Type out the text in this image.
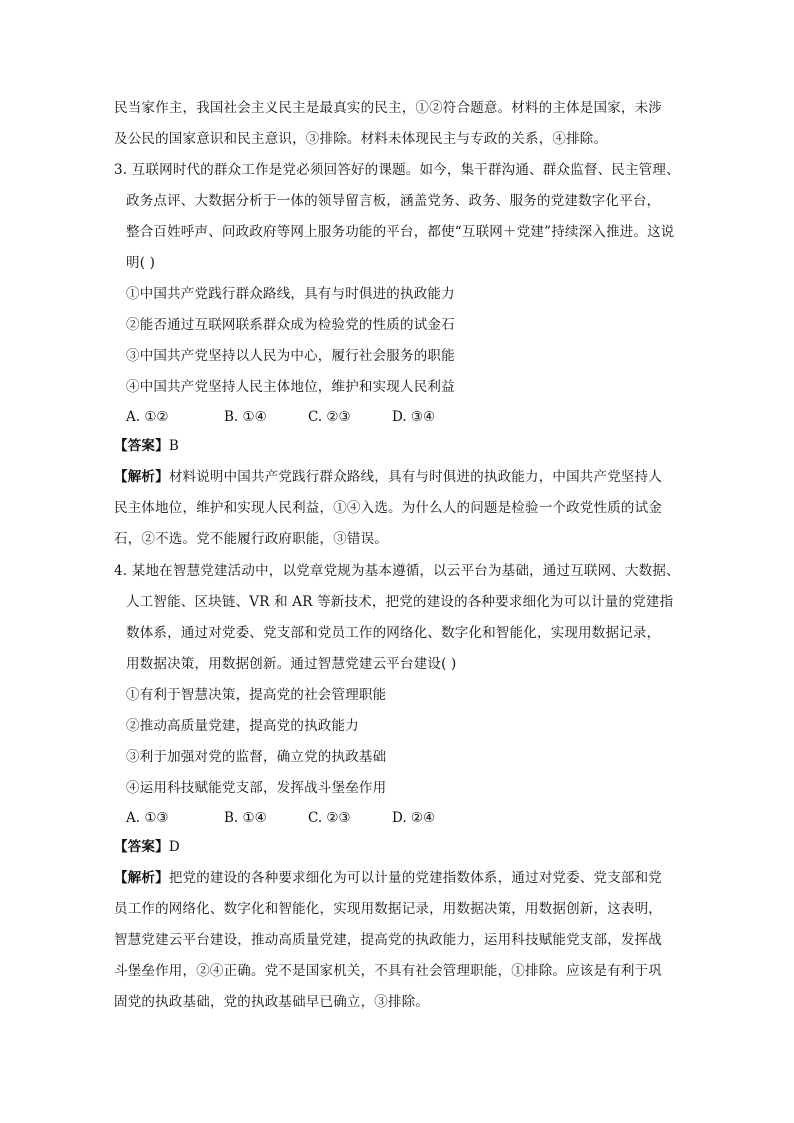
民当家作主，我国社会主义民主是最真实的民主，①②符合题意。材料的主体是国家，未涉
及公民的国家意识和民主意识，③排除。材料未体现民主与专政的关系，④排除。
3. 互联网时代的群众工作是党必须回答好的课题。如今，集干群沟通、群众监督、民主管理、
政务点评、大数据分析于一体的领导留言板，涵盖党务、政务、服务的党建数字化平台，
整合百姓呼声、问政政府等网上服务功能的平台，都使“互联网＋党建”持续深入推进。这说
明( )
①中国共产党践行群众路线，具有与时俱进的执政能力
②能否通过互联网联系群众成为检验党的性质的试金石
③中国共产党坚持以人民为中心，履行社会服务的职能
④中国共产党坚持人民主体地位，维护和实现人民利益
A. ①②	B. ①④	C. ②③	D. ③④
【答案】B
【解析】材料说明中国共产党践行群众路线，具有与时俱进的执政能力，中国共产党坚持人
民主体地位，维护和实现人民利益，①④入选。为什么人的问题是检验一个政党性质的试金
石，②不选。党不能履行政府职能，③错误。
4. 某地在智慧党建活动中，以党章党规为基本遵循，以云平台为基础，通过互联网、大数据、
人工智能、区块链、VR 和 AR 等新技术，把党的建设的各种要求细化为可以计量的党建指
数体系，通过对党委、党支部和党员工作的网络化、数字化和智能化，实现用数据记录，
用数据决策，用数据创新。通过智慧党建云平台建设( )
①有利于智慧决策，提高党的社会管理职能
②推动高质量党建，提高党的执政能力
③利于加强对党的监督，确立党的执政基础
④运用科技赋能党支部，发挥战斗堡垒作用
A. ①③	B. ①④	C. ②③	D. ②④
【答案】D
【解析】把党的建设的各种要求细化为可以计量的党建指数体系，通过对党委、党支部和党
员工作的网络化、数字化和智能化，实现用数据记录，用数据决策，用数据创新，这表明，
智慧党建云平台建设，推动高质量党建，提高党的执政能力，运用科技赋能党支部，发挥战
斗堡垒作用，②④正确。党不是国家机关，不具有社会管理职能，①排除。应该是有利于巩
固党的执政基础，党的执政基础早已确立，③排除。
